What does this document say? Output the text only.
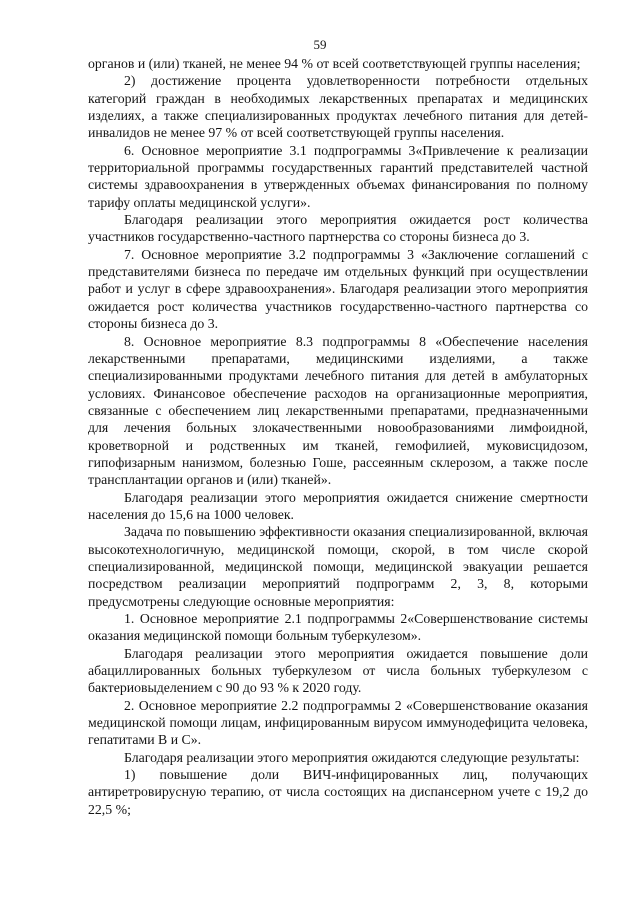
59

органов и (или) тканей, не менее 94 % от всей соответствующей группы населения;

2) достижение процента удовлетворенности потребности отдельных категорий граждан в необходимых лекарственных препаратах и медицинских изделиях, а также специализированных продуктах лечебного питания для детей-инвалидов не менее 97 % от всей соответствующей группы населения.

6. Основное мероприятие 3.1 подпрограммы 3«Привлечение к реализации территориальной программы государственных гарантий представителей частной системы здравоохранения в утвержденных объемах финансирования по полному тарифу оплаты медицинской услуги».

Благодаря реализации этого мероприятия ожидается рост количества участников государственно-частного партнерства со стороны бизнеса до 3.

7. Основное мероприятие 3.2 подпрограммы 3 «Заключение соглашений с представителями бизнеса по передаче им отдельных функций при осуществлении работ и услуг в сфере здравоохранения». Благодаря реализации этого мероприятия ожидается рост количества участников государственно-частного партнерства со стороны бизнеса до 3.

8. Основное мероприятие 8.3 подпрограммы 8 «Обеспечение населения лекарственными препаратами, медицинскими изделиями, а также специализированными продуктами лечебного питания для детей в амбулаторных условиях. Финансовое обеспечение расходов на организационные мероприятия, связанные с обеспечением лиц лекарственными препаратами, предназначенными для лечения больных злокачественными новообразованиями лимфоидной, кроветворной и родственных им тканей, гемофилией, муковисцидозом, гипофизарным нанизмом, болезнью Гоше, рассеянным склерозом, а также после трансплантации органов и (или) тканей».

Благодаря реализации этого мероприятия ожидается снижение смертности населения до 15,6 на 1000 человек.

Задача по повышению эффективности оказания специализированной, включая высокотехнологичную, медицинской помощи, скорой, в том числе скорой специализированной, медицинской помощи, медицинской эвакуации решается посредством реализации мероприятий подпрограмм 2, 3, 8, которыми предусмотрены следующие основные мероприятия:

1. Основное мероприятие 2.1 подпрограммы 2«Совершенствование системы оказания медицинской помощи больным туберкулезом».

Благодаря реализации этого мероприятия ожидается повышение доли абациллированных больных туберкулезом от числа больных туберкулезом с бактериовыделением с 90 до 93 % к 2020 году.

2. Основное мероприятие 2.2 подпрограммы 2 «Совершенствование оказания медицинской помощи лицам, инфицированным вирусом иммунодефицита человека, гепатитами В и С».

Благодаря реализации этого мероприятия ожидаются следующие результаты:

1) повышение доли ВИЧ-инфицированных лиц, получающих антиретровирусную терапию, от числа состоящих на диспансерном учете с 19,2 до 22,5 %;
